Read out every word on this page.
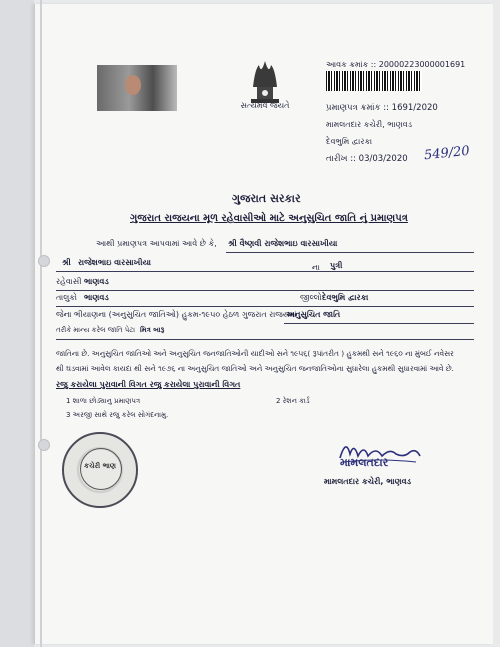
સત્યમેવ જયતે
આવક ક્રમાંક :: 20000223000001691
પ્રમાણપત્ર ક્રમાંક :: 1691/2020
મામલતદાર કચેરી, ભાણવડ
દેવભુમિ દ્વારકા
તારીખ :: 03/03/2020 549/20
ગુજરાત સરકાર
ગુજરાત રાજયના મૂળ રહેવાસીઓ માટે અનુસુચિત જાતિ નું પ્રમાણપત્ર
આથી પ્રમાણપત્ર આપવામાં આવે છે કે, શ્રી વૈષ્ણવી રાજેશભાઇ વારસાખીયા
શ્રી રાજેશભાઇ વારસાખીયા
ના પુત્રી
રહેવાસી ભાણવડ
તાલુકો ભાણવડ	જીલ્લો દેવભુમિ દ્વારકા
જેના ભીયાણના (અનુસુચિત જાતિઓ) હુકમ-૧૯૫૦ હેઠળ ગુજરાત રાજયમાં
અનુસુચિત જાતિ
તરીકે માન્ય કરેલ જાતિ પેટા મિત્ર બારૂ
જાતિના છે. અનુસુચિત જાતિઓ અને અનુસુચિત જનજાતિઓની યાદીઓ સને ૧૯૫૬( રૂપાંતરીત ) હુકમથી સને ૧૯૬૦ ના મુંબઈ નવેસર
થી ઘડવામાં આવેલ કાયદા થી સને ૧૯૭૬ ના અનુસુચિત જાતિઓ અને અનુસુચિત જનજાતિઓના સુધારેલા હુકમથી સુધારવામાં આવે છે.
રજુ કરાયેલા પુરાવાની વિગત રજુ કરાયેલા પુરાવાની વિગત
1 શાળા છોડ્યાનુ પ્રમાણપત્ર	2 રેશન કાર્ડ
3 અરજી સાથે રજુ કરેલ સોગંદનામુ.
કચેરી ભાણ	મામલતદાર
મામલતદાર કચેરી, ભાણવડ
